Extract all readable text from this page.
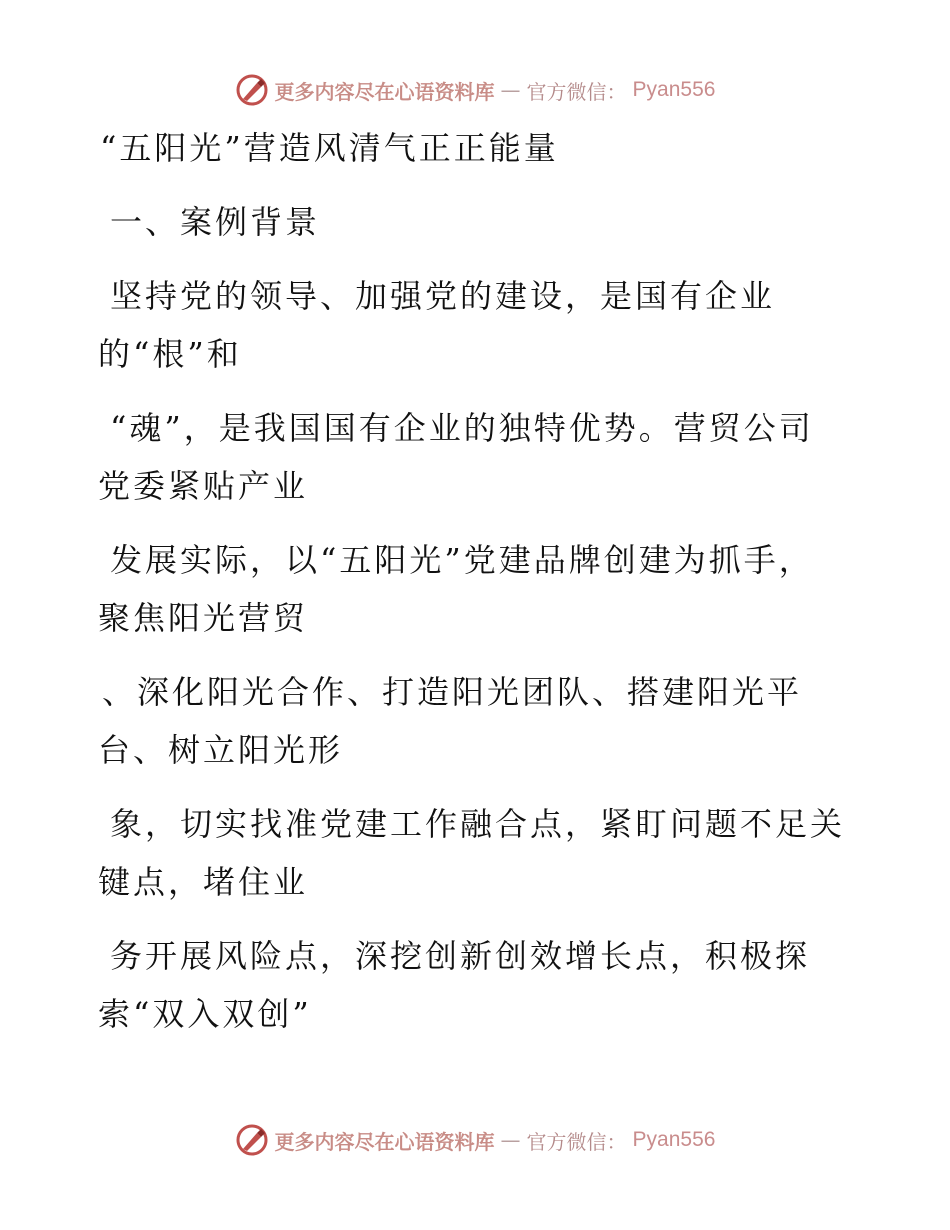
更多内容尽在心语资料库 — 官方微信： Pyan556
“五阳光”营造风清气正正能量
一、案例背景
坚持党的领导、加强党的建设，是国有企业
的“根”和
“魂”，是我国国有企业的独特优势。营贸公司
党委紧贴产业
发展实际，以“五阳光”党建品牌创建为抓手，
聚焦阳光营贸
、深化阳光合作、打造阳光团队、搭建阳光平
台、树立阳光形
象，切实找准党建工作融合点，紧盯问题不足关
键点，堵住业
务开展风险点，深挖创新创效增长点，积极探
索“双入双创”
更多内容尽在心语资料库 — 官方微信： Pyan556
